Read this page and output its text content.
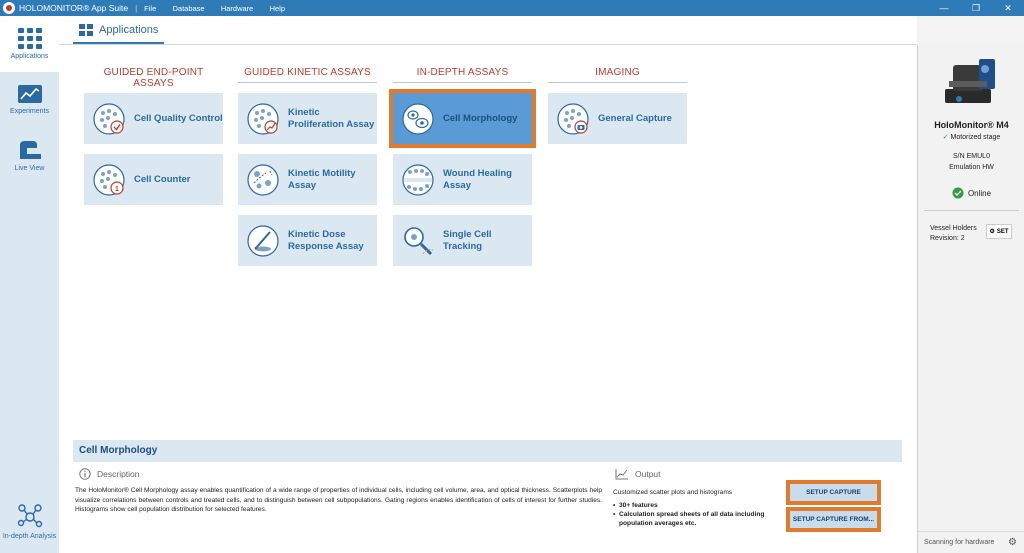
HOLOMONITOR® App Suite | File Database Hardware Help	—	❐	✕
Applications
Experiments
Live View
In-depth Analysis
Applications
GUIDED END-POINT ASSAYS
GUIDED KINETIC ASSAYS	IN-DEPTH ASSAYS	IMAGING
Cell Quality Control
1
Cell Counter
Kinetic Proliferation Assay
Kinetic Motility Assay
Kinetic Dose Response Assay
Cell Morphology
Wound Healing Assay
Single Cell Tracking
General Capture
Cell Morphology
Description
The HoloMonitor® Cell Morphology assay enables quantification of a wide range of properties of individual cells, including cell volume, area, and optical thickness. Scatterplots help visualize correlations between controls and treated cells, and to distinguish between cell subpopulations. Gating regions enables identification of cells of interest for further studies. Histograms show cell population distribution for selected features.
Output
Customized scatter plots and histograms
• 30+ features
• Calculation spread sheets of all data including population averages etc.
SETUP CAPTURE
SETUP CAPTURE FROM...
HoloMonitor® M4
✓ Motorized stage
S/N EMUL0
Emulation HW
Online
Vessel Holders
Revision: 2
⚙ SET
Scanning for hardware ⚙
